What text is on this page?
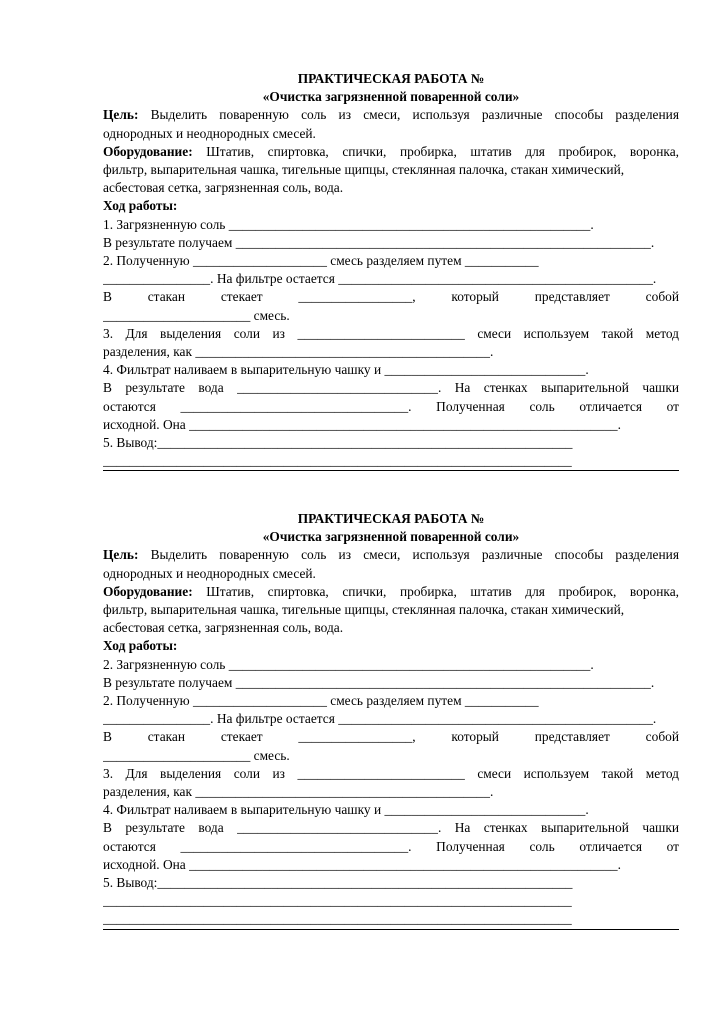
ПРАКТИЧЕСКАЯ РАБОТА №
«Очистка загрязненной поваренной соли»
Цель: Выделить поваренную соль из смеси, используя различные способы разделения
однородных и неоднородных смесей.
Оборудование: Штатив, спиртовка, спички, пробирка, штатив для пробирок, воронка,
фильтр, выпарительная чашка, тигельные щипцы, стеклянная палочка, стакан химический,
асбестовая сетка, загрязненная соль, вода.
Ход работы:
1. Загрязненную соль ______________________________________________________.
В результате получаем ______________________________________________________________.
2. Полученную ____________________ смесь разделяем путем ___________
________________. На фильтре остается _______________________________________________.
В стакан стекает _________________, который представляет собой
______________________ смесь.
3. Для выделения соли из _________________________ смеси используем такой метод
разделения, как ____________________________________________.
4. Фильтрат наливаем в выпарительную чашку и ______________________________.
В результате вода ______________________________. На стенках выпарительной чашки
остаются __________________________________. Полученная соль отличается от
исходной. Она ________________________________________________________________.
5. Вывод:______________________________________________________________
______________________________________________________________________
ПРАКТИЧЕСКАЯ РАБОТА №
«Очистка загрязненной поваренной соли»
Цель: Выделить поваренную соль из смеси, используя различные способы разделения
однородных и неоднородных смесей.
Оборудование: Штатив, спиртовка, спички, пробирка, штатив для пробирок, воронка,
фильтр, выпарительная чашка, тигельные щипцы, стеклянная палочка, стакан химический,
асбестовая сетка, загрязненная соль, вода.
Ход работы:
2. Загрязненную соль ______________________________________________________.
В результате получаем ______________________________________________________________.
2. Полученную ____________________ смесь разделяем путем ___________
________________. На фильтре остается _______________________________________________.
В стакан стекает _________________, который представляет собой
______________________ смесь.
3. Для выделения соли из _________________________ смеси используем такой метод
разделения, как ____________________________________________.
4. Фильтрат наливаем в выпарительную чашку и ______________________________.
В результате вода ______________________________. На стенках выпарительной чашки
остаются __________________________________. Полученная соль отличается от
исходной. Она ________________________________________________________________.
5. Вывод:______________________________________________________________
______________________________________________________________________
______________________________________________________________________
